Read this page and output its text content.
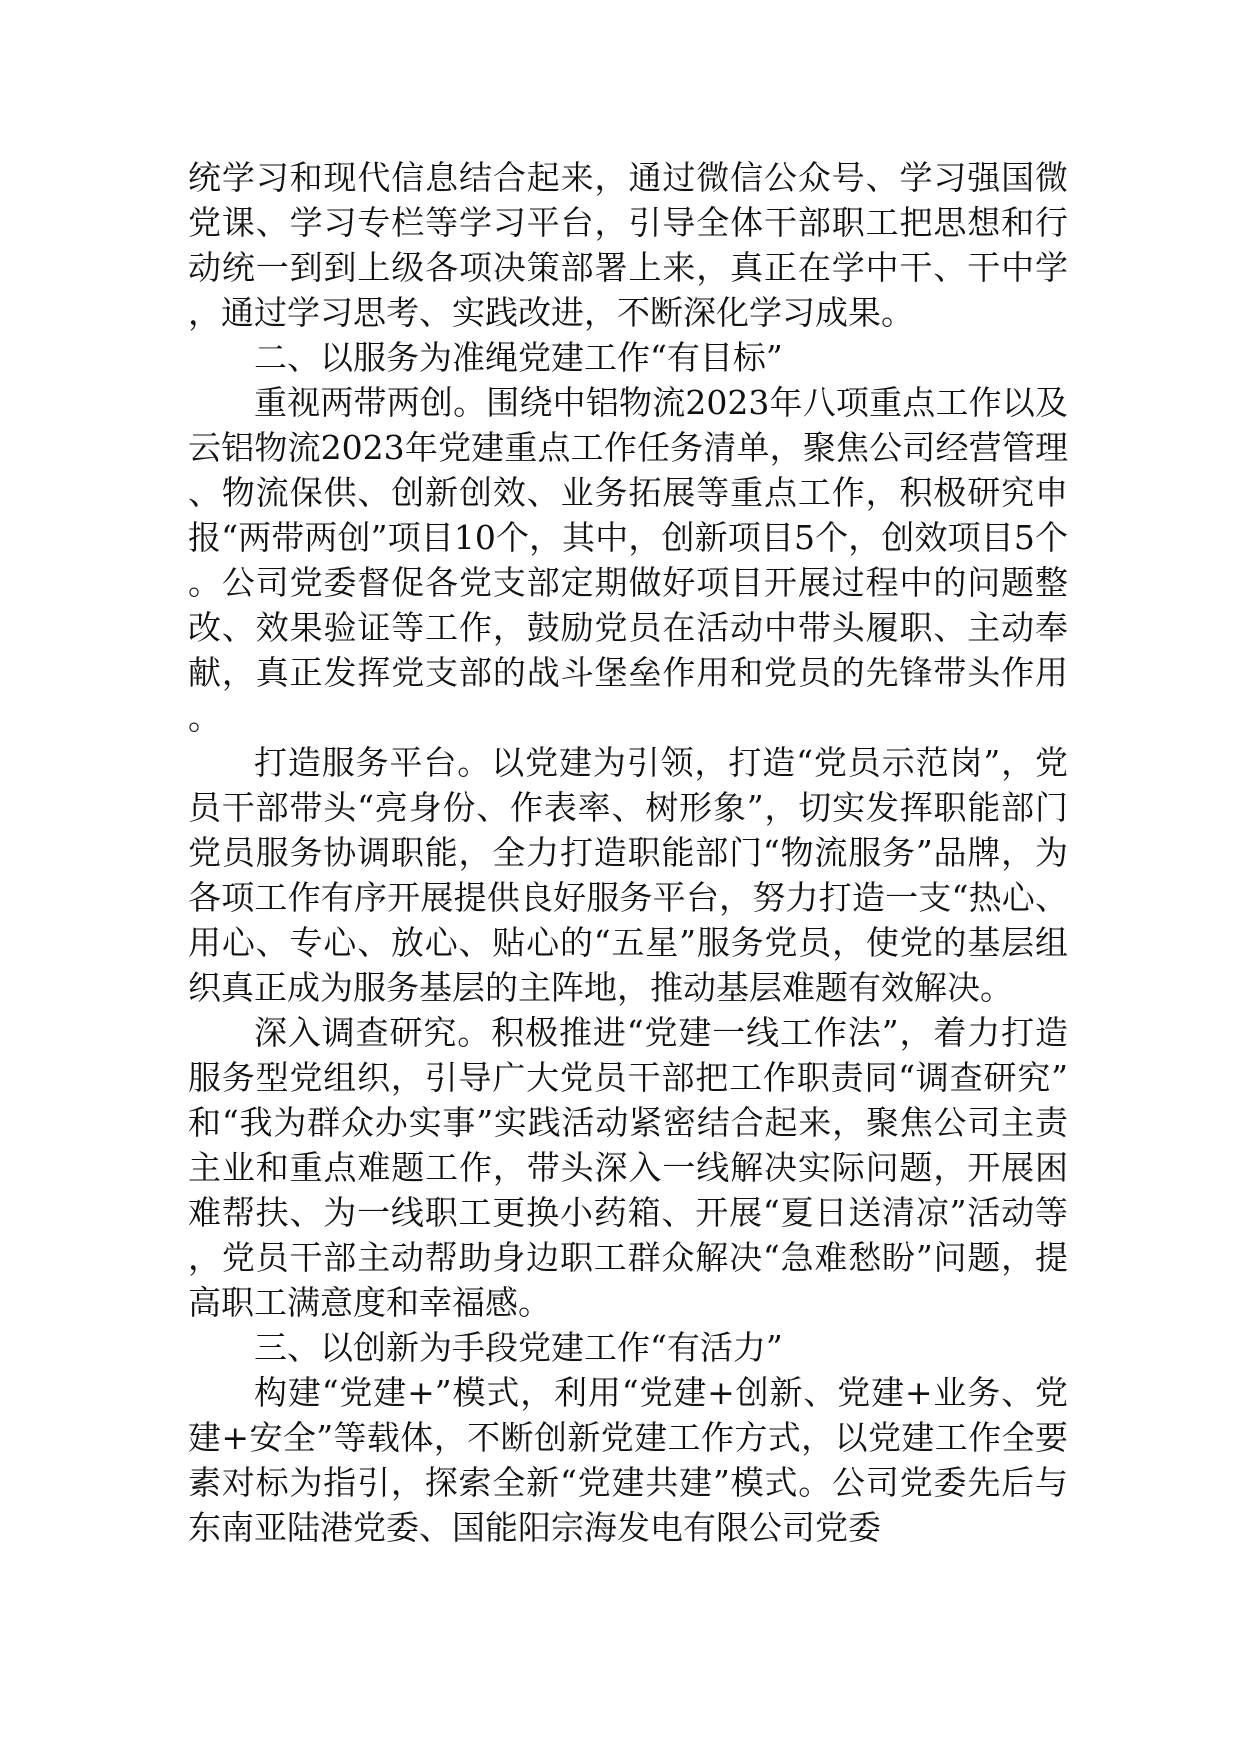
统学习和现代信息结合起来，通过微信公众号、学习强国微党课、学习专栏等学习平台，引导全体干部职工把思想和行动统一到到上级各项决策部署上来，真正在学中干、干中学，通过学习思考、实践改进，不断深化学习成果。

二、以服务为准绳党建工作“有目标”

重视两带两创。围绕中铝物流2023年八项重点工作以及云铝物流2023年党建重点工作任务清单，聚焦公司经营管理、物流保供、创新创效、业务拓展等重点工作，积极研究申报“两带两创”项目10个，其中，创新项目5个，创效项目5个。公司党委督促各党支部定期做好项目开展过程中的问题整改、效果验证等工作，鼓励党员在活动中带头履职、主动奉献，真正发挥党支部的战斗堡垒作用和党员的先锋带头作用。

打造服务平台。以党建为引领，打造“党员示范岗”，党员干部带头“亮身份、作表率、树形象”，切实发挥职能部门党员服务协调职能，全力打造职能部门“物流服务”品牌，为各项工作有序开展提供良好服务平台，努力打造一支“热心、用心、专心、放心、贴心的“五星”服务党员，使党的基层组织真正成为服务基层的主阵地，推动基层难题有效解决。

深入调查研究。积极推进“党建一线工作法”，着力打造服务型党组织，引导广大党员干部把工作职责同“调查研究”和“我为群众办实事”实践活动紧密结合起来，聚焦公司主责主业和重点难题工作，带头深入一线解决实际问题，开展困难帮扶、为一线职工更换小药箱、开展“夏日送清凉”活动等，党员干部主动帮助身边职工群众解决“急难愁盼”问题，提高职工满意度和幸福感。

三、以创新为手段党建工作“有活力”

构建“党建+”模式，利用“党建+创新、党建+业务、党建+安全”等载体，不断创新党建工作方式，以党建工作全要素对标为指引，探索全新“党建共建”模式。公司党委先后与东南亚陆港党委、国能阳宗海发电有限公司党委
